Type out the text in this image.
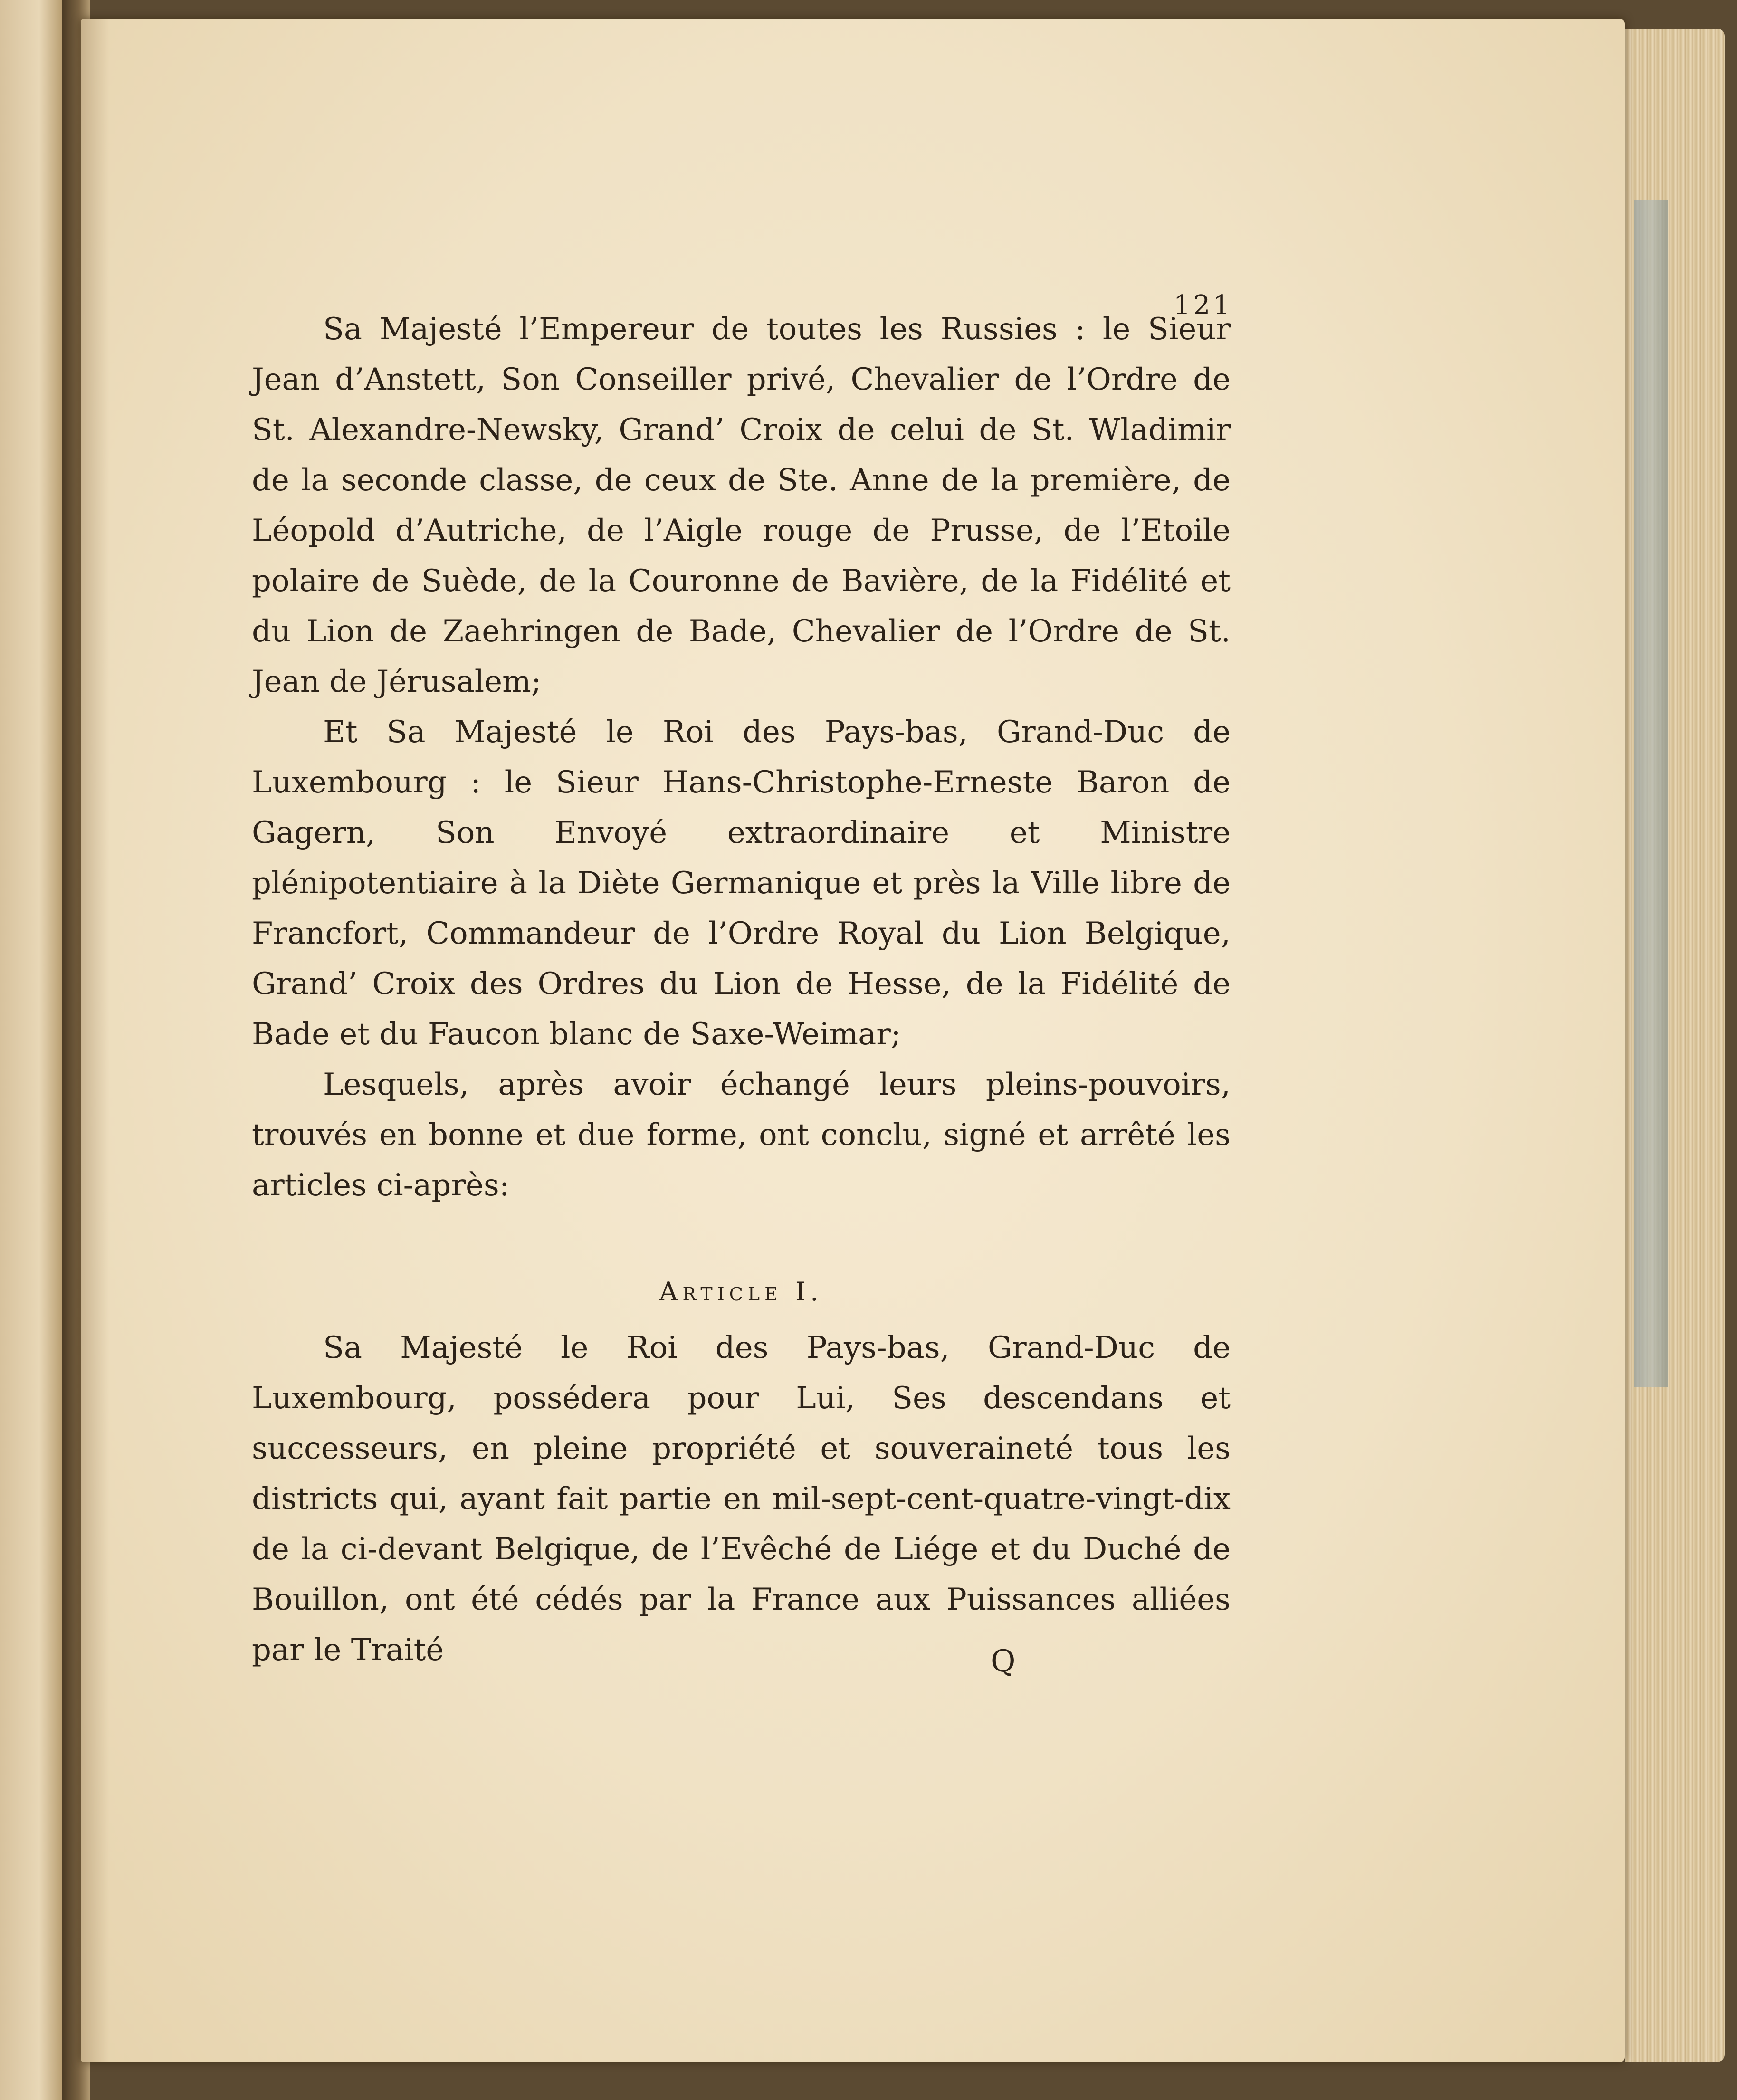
121

Sa Majesté l’Empereur de toutes les Russies : le Sieur Jean d’Anstett, Son Conseiller privé, Chevalier de l’Ordre de St. Alexandre-Newsky, Grand’ Croix de celui de St. Wladimir de la seconde classe, de ceux de Ste. Anne de la première, de Léopold d’Autriche, de l’Aigle rouge de Prusse, de l’Etoile polaire de Suède, de la Couronne de Bavière, de la Fidélité et du Lion de Zaehringen de Bade, Chevalier de l’Ordre de St. Jean de Jérusalem;

Et Sa Majesté le Roi des Pays-bas, Grand-Duc de Luxembourg : le Sieur Hans-Christophe-Erneste Baron de Gagern, Son Envoyé extraordinaire et Ministre plénipotentiaire à la Diète Germanique et près la Ville libre de Francfort, Commandeur de l’Ordre Royal du Lion Belgique, Grand’ Croix des Ordres du Lion de Hesse, de la Fidélité de Bade et du Faucon blanc de Saxe-Weimar;

Lesquels, après avoir échangé leurs pleins-pouvoirs, trouvés en bonne et due forme, ont conclu, signé et arrêté les articles ci-après:

Article I.

Sa Majesté le Roi des Pays-bas, Grand-Duc de Luxembourg, possédera pour Lui, Ses descendans et successeurs, en pleine propriété et souveraineté tous les districts qui, ayant fait partie en mil-sept-cent-quatre-vingt-dix de la ci-devant Belgique, de l’Evêché de Liége et du Duché de Bouillon, ont été cédés par la France aux Puissances alliées par le Traité	Q
